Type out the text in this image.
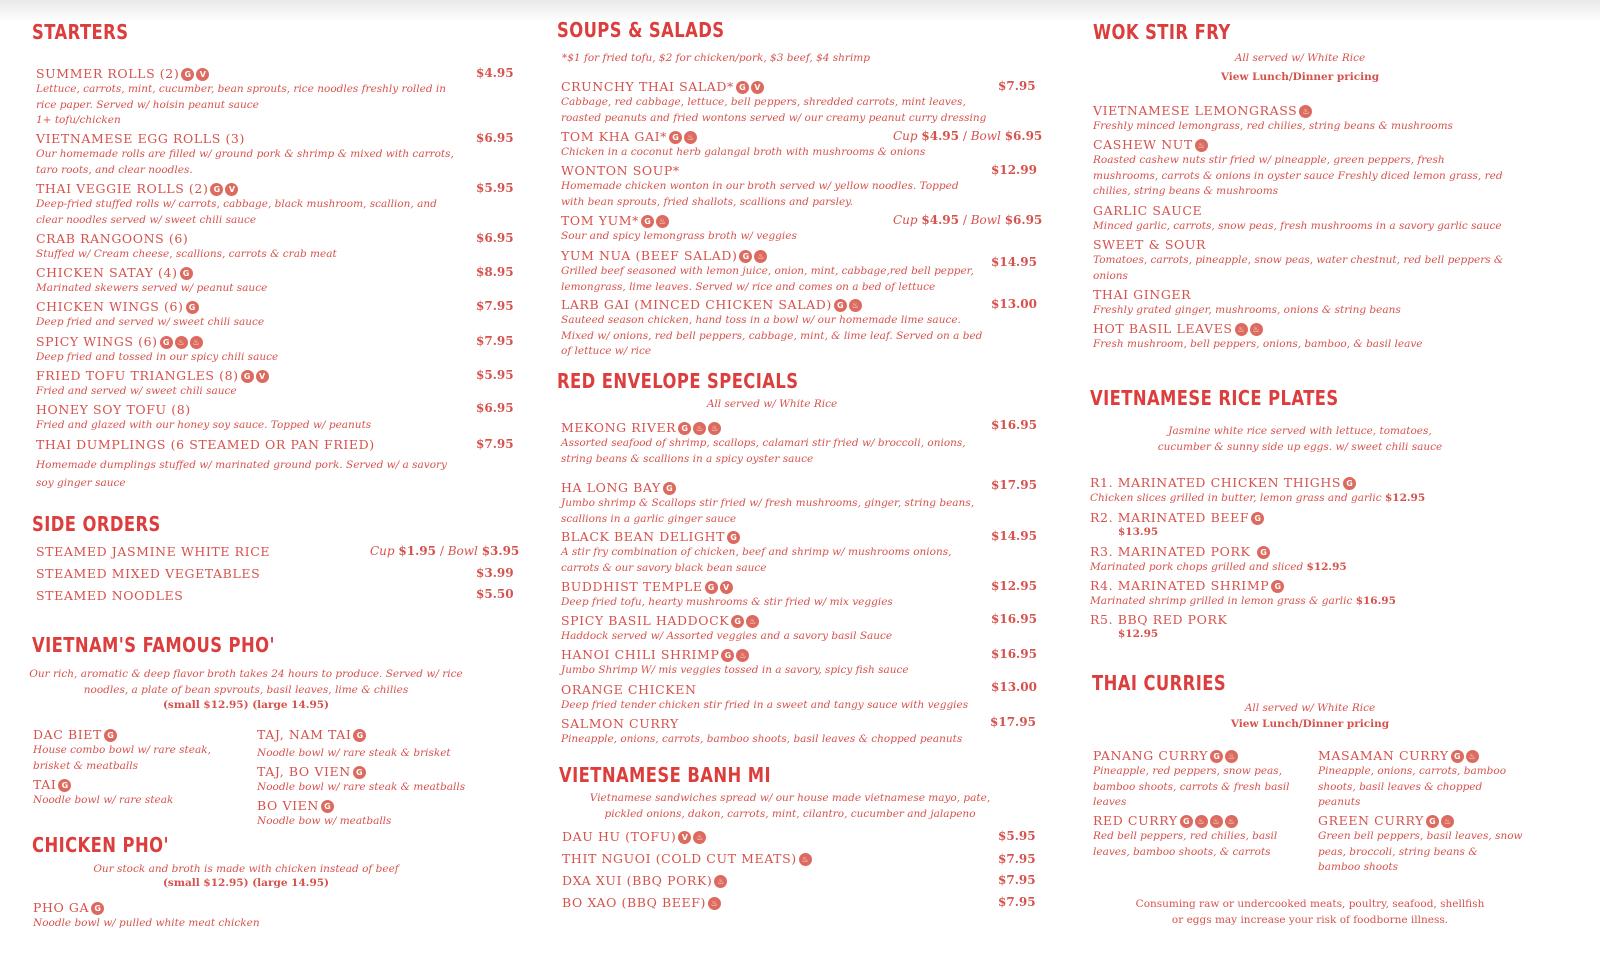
STARTERS
SUMMER ROLLS (2) G V	$4.95
Lettuce, carrots, mint, cucumber, bean sprouts, rice noodles freshly rolled in rice paper. Served w/ hoisin peanut sauce
1+ tofu/chicken
VIETNAMESE EGG ROLLS (3)	$6.95
Our homemade rolls are filled w/ ground pork & shrimp & mixed with carrots, taro roots, and clear noodles.
THAI VEGGIE ROLLS (2) G V	$5.95
Deep-fried stuffed rolls w/ carrots, cabbage, black mushroom, scallion, and clear noodles served w/ sweet chili sauce
CRAB RANGOONS (6)	$6.95
Stuffed w/ Cream cheese, scallions, carrots & crab meat
CHICKEN SATAY (4) G	$8.95
Marinated skewers served w/ peanut sauce
CHICKEN WINGS (6) G	$7.95
Deep fried and served w/ sweet chili sauce
SPICY WINGS (6) G ♨ ♨	$7.95
Deep fried and tossed in our spicy chili sauce
FRIED TOFU TRIANGLES (8) G V	$5.95
Fried and served w/ sweet chili sauce
HONEY SOY TOFU (8)	$6.95
Fried and glazed with our honey soy sauce. Topped w/ peanuts
THAI DUMPLINGS (6 STEAMED OR PAN FRIED)	$7.95
Homemade dumplings stuffed w/ marinated ground pork. Served w/ a savory soy ginger sauce
SIDE ORDERS
STEAMED JASMINE WHITE RICE	Cup $1.95 / Bowl $3.95
STEAMED MIXED VEGETABLES	$3.99
STEAMED NOODLES	$5.50
VIETNAM'S FAMOUS PHO'
Our rich, aromatic & deep flavor broth takes 24 hours to produce. Served w/ rice noodles, a plate of bean spvrouts, basil leaves, lime & chilies
(small $12.95) (large 14.95)
DAC BIET G
House combo bowl w/ rare steak, brisket & meatballs
TAI G
Noodle bowl w/ rare steak
TAJ, NAM TAI G
Noodle bowl w/ rare steak & brisket
TAJ, BO VIEN G
Noodle bowl w/ rare steak & meatballs
BO VIEN G
Noodle bow w/ meatballs
CHICKEN PHO'
Our stock and broth is made with chicken instead of beef
(small $12.95) (large 14.95)
PHO GA G
Noodle bowl w/ pulled white meat chicken
SOUPS & SALADS
*$1 for fried tofu, $2 for chicken/pork, $3 beef, $4 shrimp
CRUNCHY THAI SALAD* G V	$7.95
Cabbage, red cabbage, lettuce, bell peppers, shredded carrots, mint leaves, roasted peanuts and fried wontons served w/ our creamy peanut curry dressing
TOM KHA GAI* G ♨	Cup $4.95 / Bowl $6.95
Chicken in a coconut herb galangal broth with mushrooms & onions
WONTON SOUP*	$12.99
Homemade chicken wonton in our broth served w/ yellow noodles. Topped with bean sprouts, fried shallots, scallions and parsley.
TOM YUM* G ♨	Cup $4.95 / Bowl $6.95
Sour and spicy lemongrass broth w/ veggies
YUM NUA (BEEF SALAD) G ♨	$14.95
Grilled beef seasoned with lemon juice, onion, mint, cabbage,red bell pepper, lemongrass, lime leaves. Served w/ rice and comes on a bed of lettuce
LARB GAI (MINCED CHICKEN SALAD) G ♨	$13.00
Sauteed season chicken, hand toss in a bowl w/ our homemade lime sauce. Mixed w/ onions, red bell peppers, cabbage, mint, & lime leaf. Served on a bed of lettuce w/ rice
RED ENVELOPE SPECIALS
All served w/ White Rice
MEKONG RIVER G ♨ ♨	$16.95
Assorted seafood of shrimp, scallops, calamari stir fried w/ broccoli, onions, string beans & scallions in a spicy oyster sauce
HA LONG BAY G	$17.95
Jumbo shrimp & Scallops stir fried w/ fresh mushrooms, ginger, string beans, scallions in a garlic ginger sauce
BLACK BEAN DELIGHT G	$14.95
A stir fry combination of chicken, beef and shrimp w/ mushrooms onions, carrots & our savory black bean sauce
BUDDHIST TEMPLE G V	$12.95
Deep fried tofu, hearty mushrooms & stir fried w/ mix veggies
SPICY BASIL HADDOCK G ♨	$16.95
Haddock served w/ Assorted veggies and a savory basil Sauce
HANOI CHILI SHRIMP G ♨	$16.95
Jumbo Shrimp W/ mis veggies tossed in a savory, spicy fish sauce
ORANGE CHICKEN	$13.00
Deep fried tender chicken stir fried in a sweet and tangy sauce with veggies
SALMON CURRY	$17.95
Pineapple, onions, carrots, bamboo shoots, basil leaves & chopped peanuts
VIETNAMESE BANH MI
Vietnamese sandwiches spread w/ our house made vietnamese mayo, pate, pickled onions, dakon, carrots, mint, cilantro, cucumber and jalapeno
DAU HU (TOFU) V ♨	$5.95
THIT NGUOI (COLD CUT MEATS) ♨	$7.95
DXA XUI (BBQ PORK) ♨	$7.95
BO XAO (BBQ BEEF) ♨	$7.95
WOK STIR FRY
All served w/ White Rice
View Lunch/Dinner pricing
VIETNAMESE LEMONGRASS ♨
Freshly minced lemongrass, red chilies, string beans & mushrooms
CASHEW NUT ♨
Roasted cashew nuts stir fried w/ pineapple, green peppers, fresh mushrooms, carrots & onions in oyster sauce Freshly diced lemon grass, red chilies, string beans & mushrooms
GARLIC SAUCE
Minced garlic, carrots, snow peas, fresh mushrooms in a savory garlic sauce
SWEET & SOUR
Tomatoes, carrots, pineapple, snow peas, water chestnut, red bell peppers & onions
THAI GINGER
Freshly grated ginger, mushrooms, onions & string beans
HOT BASIL LEAVES ♨ ♨
Fresh mushroom, bell peppers, onions, bamboo, & basil leave
VIETNAMESE RICE PLATES
Jasmine white rice served with lettuce, tomatoes, cucumber & sunny side up eggs. w/ sweet chili sauce
R1. MARINATED CHICKEN THIGHS G
Chicken slices grilled in butter, lemon grass and garlic $12.95
R2. MARINATED BEEF G
$13.95
R3. MARINATED PORK G
Marinated pork chops grilled and sliced $12.95
R4. MARINATED SHRIMP G
Marinated shrimp grilled in lemon grass & garlic $16.95
R5. BBQ RED PORK
$12.95
THAI CURRIES
All served w/ White Rice
View Lunch/Dinner pricing
PANANG CURRY G ♨
Pineapple, red peppers, snow peas, bamboo shoots, carrots & fresh basil leaves
MASAMAN CURRY G ♨
Pineapple, onions, carrots, bamboo shoots, basil leaves & chopped peanuts
RED CURRY G ♨ ♨ ♨
Red bell peppers, red chilies, basil leaves, bamboo shoots, & carrots
GREEN CURRY G ♨
Green bell peppers, basil leaves, snow peas, broccoli, string beans & bamboo shoots
Consuming raw or undercooked meats, poultry, seafood, shellfish or eggs may increase your risk of foodborne illness.
